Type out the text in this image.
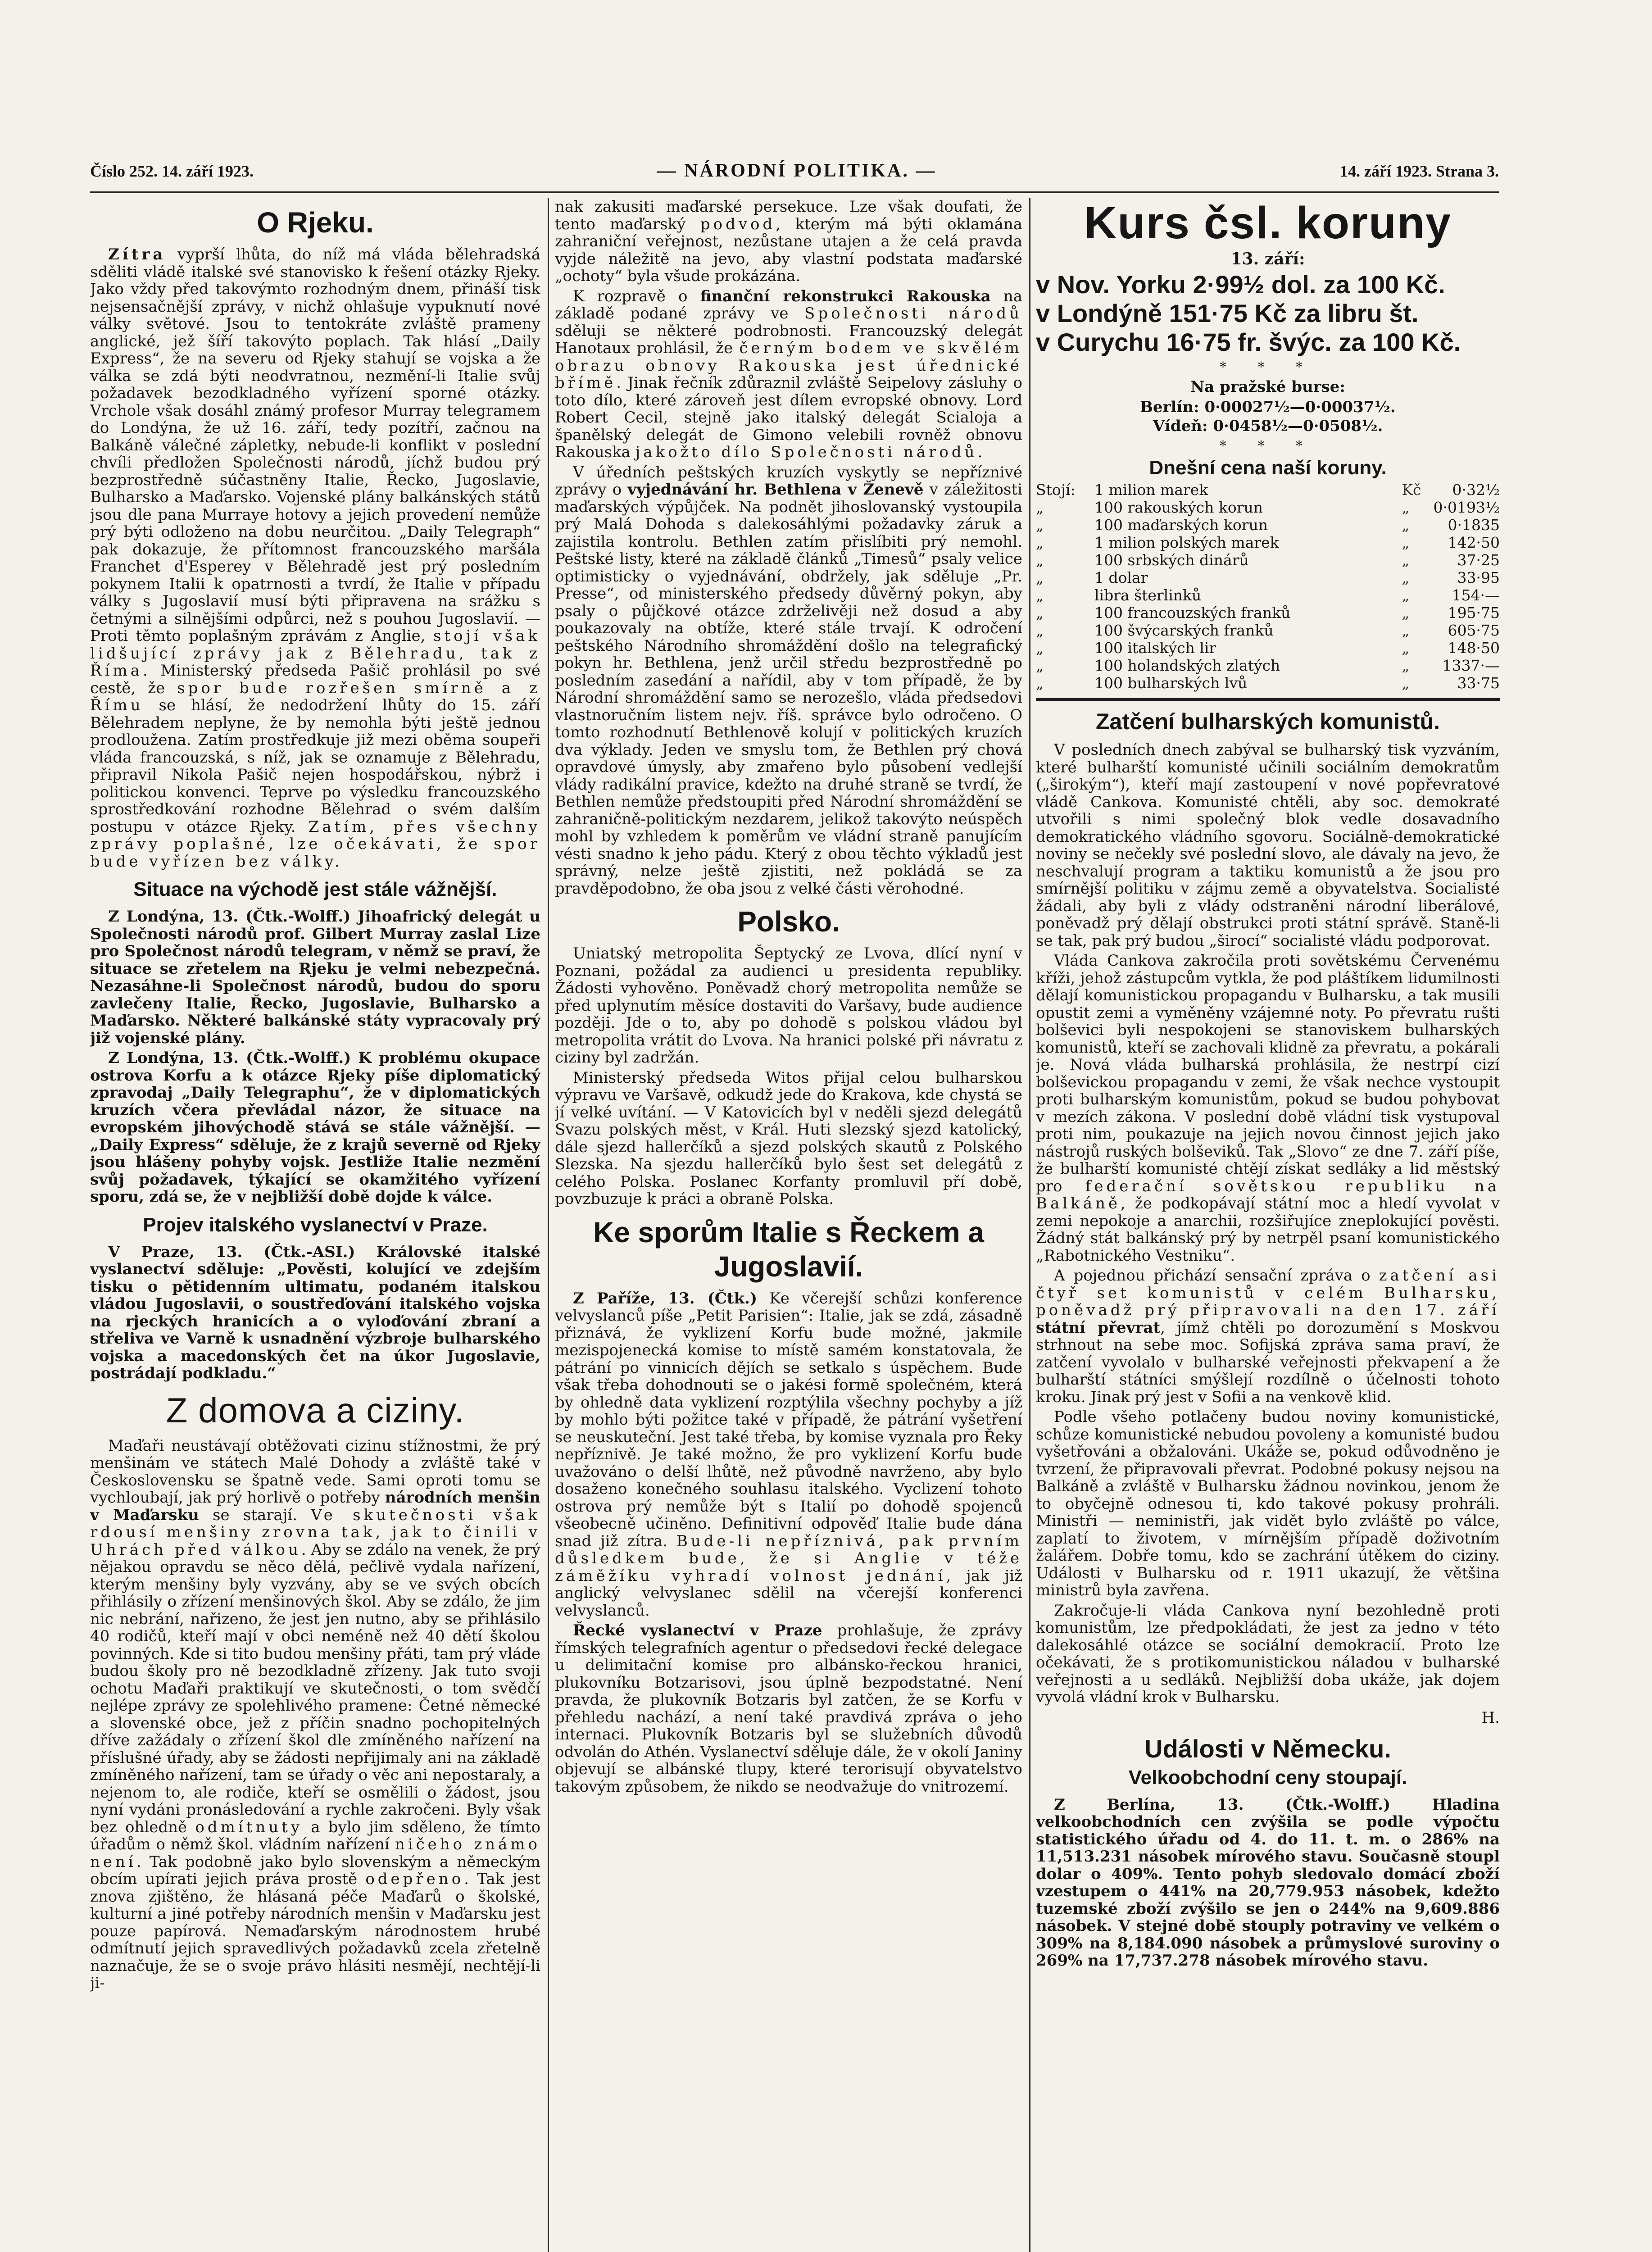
Číslo 252. 14. září 1923.	— NÁRODNÍ POLITIKA. —	14. září 1923. Strana 3.
O Rjeku.

Zítra vyprší lhůta, do níž má vláda bělehradská sděliti vládě italské své stanovisko k řešení otázky Rjeky. Jako vždy před takovýmto rozhodným dnem, přináší tisk nejsensačnější zprávy, v nichž ohlašuje vypuknutí nové války světové. Jsou to tentokráte zvláště prameny anglické, jež šíří takovýto poplach. Tak hlásí „Daily Express“, že na severu od Rjeky stahují se vojska a že válka se zdá býti neodvratnou, nezmění-li Italie svůj požadavek bezodkladného vyřízení sporné otázky. Vrchole však dosáhl známý profesor Murray telegramem do Londýna, že už 16. září, tedy pozítří, začnou na Balkáně válečné zápletky, nebude-li konflikt v poslední chvíli předložen Společnosti národů, jíchž budou prý bezprostředně súčastněny Italie, Řecko, Jugoslavie, Bulharsko a Maďarsko. Vojenské plány balkánských států jsou dle pana Murraye hotovy a jejich provedení nemůže prý býti odloženo na dobu neurčitou. „Daily Telegraph“ pak dokazuje, že přítomnost francouzského maršála Franchet d'Esperey v Bělehradě jest prý posledním pokynem Italii k opatrnosti a tvrdí, že Italie v případu války s Jugoslavií musí býti připravena na srážku s četnými a silnějšími odpůrci, než s pouhou Jugoslavií. — Proti těmto poplašným zprávám z Anglie, stojí však lidšující zprávy jak z Bělehradu, tak z Říma. Ministerský předseda Pašič prohlásil po své cestě, že spor bude rozřešen smírně a z Římu se hlásí, že nedodržení lhůty do 15. září Bělehradem neplyne, že by nemohla býti ještě jednou prodloužena. Zatím prostředkuje již mezi oběma soupeři vláda francouzská, s níž, jak se oznamuje z Bělehradu, připravil Nikola Pašič nejen hospodářskou, nýbrž i politickou konvenci. Teprve po výsledku francouzského sprostředkování rozhodne Bělehrad o svém dalším postupu v otázce Rjeky. Zatím, přes všechny zprávy poplašné, lze očekávati, že spor bude vyřízen bez války.

Situace na východě jest stále vážnější.

Z Londýna, 13. (Čtk.-Wolff.) Jihoafrický delegát u Společnosti národů prof. Gilbert Murray zaslal Lize pro Společnost národů telegram, v němž se praví, že situace se zřetelem na Rjeku je velmi nebezpečná. Nezasáhne-li Společnost národů, budou do sporu zavlečeny Italie, Řecko, Jugoslavie, Bulharsko a Maďarsko. Některé balkánské státy vypracovaly prý již vojenské plány.

Z Londýna, 13. (Čtk.-Wolff.) K problému okupace ostrova Korfu a k otázce Rjeky píše diplomatický zpravodaj „Daily Telegraphu“, že v diplomatických kruzích včera převládal názor, že situace na evropském jihovýchodě stává se stále vážnější. — „Daily Express“ sděluje, že z krajů severně od Rjeky jsou hlášeny pohyby vojsk. Jestliže Italie nezmění svůj požadavek, týkající se okamžitého vyřízení sporu, zdá se, že v nejbližší době dojde k válce.

Projev italského vyslanectví v Praze.

V Praze, 13. (Čtk.-ASI.) Královské italské vyslanectví sděluje: „Pověsti, kolující ve zdejším tisku o pětidenním ultimatu, podaném italskou vládou Jugoslavii, o soustřeďování italského vojska na rjeckých hranicích a o vyloďování zbraní a střeliva ve Varně k usnadnění výzbroje bulharského vojska a macedonských čet na úkor Jugoslavie, postrádají podkladu.“

Z domova a ciziny.

Maďaři neustávají obtěžovati cizinu stížnostmi, že prý menšinám ve státech Malé Dohody a zvláště také v Československu se špatně vede. Sami oproti tomu se vychloubají, jak prý horlivě o potřeby národních menšin v Maďarsku se starají. Ve skutečnosti však rdousí menšiny zrovna tak, jak to činili v Uhrách před válkou. Aby se zdálo na venek, že prý nějakou opravdu se něco dělá, pečlivě vydala nařízení, kterým menšiny byly vyzvány, aby se ve svých obcích přihlásily o zřízení menšinových škol. Aby se zdálo, že jim nic nebrání, nařizeno, že jest jen nutno, aby se přihlásilo 40 rodičů, kteří mají v obci neméně než 40 dětí školou povinných. Kde si tito budou menšiny přáti, tam prý vláde budou školy pro ně bezodkladně zřízeny. Jak tuto svoji ochotu Maďaři praktikují ve skutečnosti, o tom svědčí nejlépe zprávy ze spolehlivého pramene: Četné německé a slovenské obce, jež z příčin snadno pochopitelných dříve zažádaly o zřízení škol dle zmíněného nařízení na příslušné úřady, aby se žádosti nepřijimaly ani na základě zmíněného nařízení, tam se úřady o věc ani nepostaraly, a nejenom to, ale rodiče, kteří se osmělili o žádost, jsou nyní vydáni pronásledování a rychle zakročeni. Byly však bez ohledně odmítnuty a bylo jim sděleno, že tímto úřadům o němž škol. vládním nařízení ničeho známo není. Tak podobně jako bylo slovenským a německým obcím upírati jejich práva prostě odepřeno. Tak jest znova zjištěno, že hlásaná péče Maďarů o školské, kulturní a jiné potřeby národních menšin v Maďarsku jest pouze papírová. Nemaďarským národnostem hrubé odmítnutí jejich spravedlivých požadavků zcela zřetelně naznačuje, že se o svoje právo hlásiti nesmějí, nechtějí-li ji-

nak zakusiti maďarské persekuce. Lze však doufati, že tento maďarský podvod, kterým má býti oklamána zahraniční veřejnost, nezůstane utajen a že celá pravda vyjde náležitě na jevo, aby vlastní podstata maďarské „ochoty“ byla všude prokázána.

K rozpravě o finanční rekonstrukci Rakouska na základě podané zprávy ve Společnosti národů sděluji se některé podrobnosti. Francouzský delegát Hanotaux prohlásil, že černým bodem ve skvělém obrazu obnovy Rakouska jest úřednické břímě. Jinak řečník zdůraznil zvláště Seipelovy zásluhy o toto dílo, které zároveň jest dílem evropské obnovy. Lord Robert Cecil, stejně jako italský delegát Scialoja a španělský delegát de Gimono velebili rovněž obnovu Rakouska jakožto dílo Společnosti národů.

V úředních peštských kruzích vyskytly se nepříznivé zprávy o vyjednávání hr. Bethlena v Ženevě v záležitosti maďarských výpůjček. Na podnět jihoslovanský vystoupila prý Malá Dohoda s dalekosáhlými požadavky záruk a zajistila kontrolu. Bethlen zatím přislíbiti prý nemohl. Peštské listy, které na základě článků „Timesů“ psaly velice optimisticky o vyjednávání, obdržely, jak sděluje „Pr. Presse“, od ministerského předsedy důvěrný pokyn, aby psaly o půjčkové otázce zdrželivěji než dosud a aby poukazovaly na obtíže, které stále trvají. K odročení peštského Národního shromáždění došlo na telegrafický pokyn hr. Bethlena, jenž určil středu bezprostředně po posledním zasedání a nařídil, aby v tom případě, že by Národní shromáždění samo se nerozešlo, vláda předsedovi vlastnoručním listem nejv. říš. správce bylo odročeno. O tomto rozhodnutí Bethlenově kolují v politických kruzích dva výklady. Jeden ve smyslu tom, že Bethlen prý chová opravdové úmysly, aby zmařeno bylo působení vedlejší vlády radikální pravice, kdežto na druhé straně se tvrdí, že Bethlen nemůže předstoupiti před Národní shromáždění se zahraničně-politickým nezdarem, jelikož takovýto neúspěch mohl by vzhledem k poměrům ve vládní straně panujícím vésti snadno k jeho pádu. Který z obou těchto výkladů jest správný, nelze ještě zjistiti, než pokládá se za pravděpodobno, že oba jsou z velké části věrohodné.

Polsko.

Uniatský metropolita Šeptycký ze Lvova, dlící nyní v Poznani, požádal za audienci u presidenta republiky. Žádosti vyhověno. Poněvadž chorý metropolita nemůže se před uplynutím měsíce dostaviti do Varšavy, bude audience později. Jde o to, aby po dohodě s polskou vládou byl metropolita vrátit do Lvova. Na hranici polské při návratu z ciziny byl zadržán.

Ministerský předseda Witos přijal celou bulharskou výpravu ve Varšavě, odkudž jede do Krakova, kde chystá se jí velké uvítání. — V Katovicích byl v neděli sjezd delegátů Svazu polských měst, v Král. Huti slezský sjezd katolický, dále sjezd hallerčíků a sjezd polských skautů z Polského Slezska. Na sjezdu hallerčíků bylo šest set delegátů z celého Polska. Poslanec Korfanty promluvil pří době, povzbuzuje k práci a obraně Polska.

Ke sporům Italie s Řeckem a Jugoslavií.

Z Paříže, 13. (Čtk.) Ke včerejší schůzi konference velvyslanců píše „Petit Parisien“: Italie, jak se zdá, zásadně přiznává, že vyklizení Korfu bude možné, jakmile mezispojenecká komise to místě samém konstatovala, že pátrání po vinnicích dějích se setkalo s úspěchem. Bude však třeba dohodnouti se o jakési formě společném, která by ohledně data vyklizení rozptýlila všechny pochyby a jíž by mohlo býti požitce také v případě, že pátrání vyšetření se neuskuteční. Jest také třeba, by komise vyznala pro Řeky nepříznivě. Je také možno, že pro vyklizení Korfu bude uvažováno o delší lhůtě, než původně navrženo, aby bylo dosaženo konečného souhlasu italského. Vyclizení tohoto ostrova prý nemůže být s Italií po dohodě spojenců všeobecně učiněno. Definitivní odpověď Italie bude dána snad již zítra. Bude-li nepříznivá, pak prvním důsledkem bude, že si Anglie v téže záměžíku vyhradí volnost jednání, jak již anglický velvyslanec sdělil na včerejší konferenci velvyslanců.

Řecké vyslanectví v Praze prohlašuje, že zprávy římských telegrafních agentur o předsedovi řecké delegace u delimitační komise pro albánsko-řeckou hranici, plukovníku Botzarisovi, jsou úplně bezpodstatné. Není pravda, že plukovník Botzaris byl zatčen, že se Korfu v přehledu nachází, a není také pravdivá zpráva o jeho internaci. Plukovník Botzaris byl se služebních důvodů odvolán do Athén. Vyslanectví sděluje dále, že v okolí Janiny objevují se albánské tlupy, které terorisují obyvatelstvo takovým způsobem, že nikdo se neodvažuje do vnitrozemí.

Kurs čsl. koruny
13. září:
v Nov. Yorku 2·99½ dol. za 100 Kč.
v Londýně 151·75 Kč za libru št.
v Curychu 16·75 fr. švýc. za 100 Kč.
* * *
Na pražské burse:
Berlín: 0·00027½—0·00037½.
Vídeň: 0·0458½—0·0508½.
* * *
Dnešní cena naší koruny.
Stojí:	1 milion marek	Kč	0·32½
„	100 rakouských korun	„	0·0193½
„	100 maďarských korun	„	0·1835
„	1 milion polských marek	„	142·50
„	100 srbských dinárů	„	37·25
„	1 dolar	„	33·95
„	libra šterlinků	„	154·—
„	100 francouzských franků	„	195·75
„	100 švýcarských franků	„	605·75
„	100 italských lir	„	148·50
„	100 holandských zlatých	„	1337·—
„	100 bulharských lvů	„	33·75
Zatčení bulharských komunistů.

V posledních dnech zabýval se bulharský tisk vyzváním, které bulharští komunisté učinili sociálním demokratům („širokým“), kteří mají zastoupení v nové popřevratové vládě Cankova. Komunisté chtěli, aby soc. demokraté utvořili s nimi společný blok vedle dosavadního demokratického vládního sgovoru. Sociálně-demokratické noviny se nečekly své poslední slovo, ale dávaly na jevo, že neschvalují program a taktiku komunistů a že jsou pro smírnější politiku v zájmu země a obyvatelstva. Socialisté žádali, aby byli z vlády odstraněni národní liberálové, poněvadž prý dělají obstrukci proti státní správě. Staně-li se tak, pak prý budou „širocí“ socialisté vládu podporovat.

Vláda Cankova zakročila proti sovětskému Červenému kříži, jehož zástupcům vytkla, že pod pláštíkem lidumilnosti dělají komunistickou propagandu v Bulharsku, a tak musili opustit zemi a vyměněny vzájemné noty. Po převratu rušti bolševici byli nespokojeni se stanoviskem bulharských komunistů, kteří se zachovali klidně za převratu, a pokárali je. Nová vláda bulharská prohlásila, že nestrpí cizí bolševickou propagandu v zemi, že však nechce vystoupit proti bulharským komunistům, pokud se budou pohybovat v mezích zákona. V poslední době vládní tisk vystupoval proti nim, poukazuje na jejich novou činnost jejich jako nástrojů ruských bolševiků. Tak „Slovo“ ze dne 7. září píše, že bulharští komunisté chtějí získat sedláky a lid městský pro federační sovětskou republiku na Balkáně, že podkopávají státní moc a hledí vyvolat v zemi nepokoje a anarchii, rozšiřujíce zneplokující pověsti. Žádný stát balkánský prý by netrpěl psaní komunistického „Rabotnického Vestniku“.

A pojednou přichází sensační zpráva o zatčení asi čtyř set komunistů v celém Bulharsku, poněvadž prý připravovali na den 17. září státní převrat, jímž chtěli po dorozumění s Moskvou strhnout na sebe moc. Sofijská zpráva sama praví, že zatčení vyvolalo v bulharské veřejnosti překvapení a že bulharští státníci smýšlejí rozdílně o účelnosti tohoto kroku. Jinak prý jest v Sofii a na venkově klid.

Podle všeho potlačeny budou noviny komunistické, schůze komunistické nebudou povoleny a komunisté budou vyšetřováni a obžalováni. Ukáže se, pokud odůvodněno je tvrzení, že připravovali převrat. Podobné pokusy nejsou na Balkáně a zvláště v Bulharsku žádnou novinkou, jenom že to obyčejně odnesou ti, kdo takové pokusy prohráli. Ministři — neministři, jak vidět bylo zvláště po válce, zaplatí to životem, v mírnějším případě doživotním žalářem. Dobře tomu, kdo se zachrání útěkem do ciziny. Události v Bulharsku od r. 1911 ukazují, že většina ministrů byla zavřena.

Zakročuje-li vláda Cankova nyní bezohledně proti komunistům, lze předpokládati, že jest za jedno v této dalekosáhlé otázce se sociální demokracií. Proto lze očekávati, že s protikomunistickou náladou v bulharské veřejnosti a u sedláků. Nejbližší doba ukáže, jak dojem vyvolá vládní krok v Bulharsku.

H.
Události v Německu.
Velkoobchodní ceny stoupají.

Z Berlína, 13. (Čtk.-Wolff.) Hladina velkoobchodních cen zvýšila se podle výpočtu statistického úřadu od 4. do 11. t. m. o 286% na 11,513.231 násobek mírového stavu. Současně stoupl dolar o 409%. Tento pohyb sledovalo domácí zboží vzestupem o 441% na 20,779.953 násobek, kdežto tuzemské zboží zvýšilo se jen o 244% na 9,609.886 násobek. V stejné době stouply potraviny ve velkém o 309% na 8,184.090 násobek a průmyslové suroviny o 269% na 17,737.278 násobek mírového stavu.
